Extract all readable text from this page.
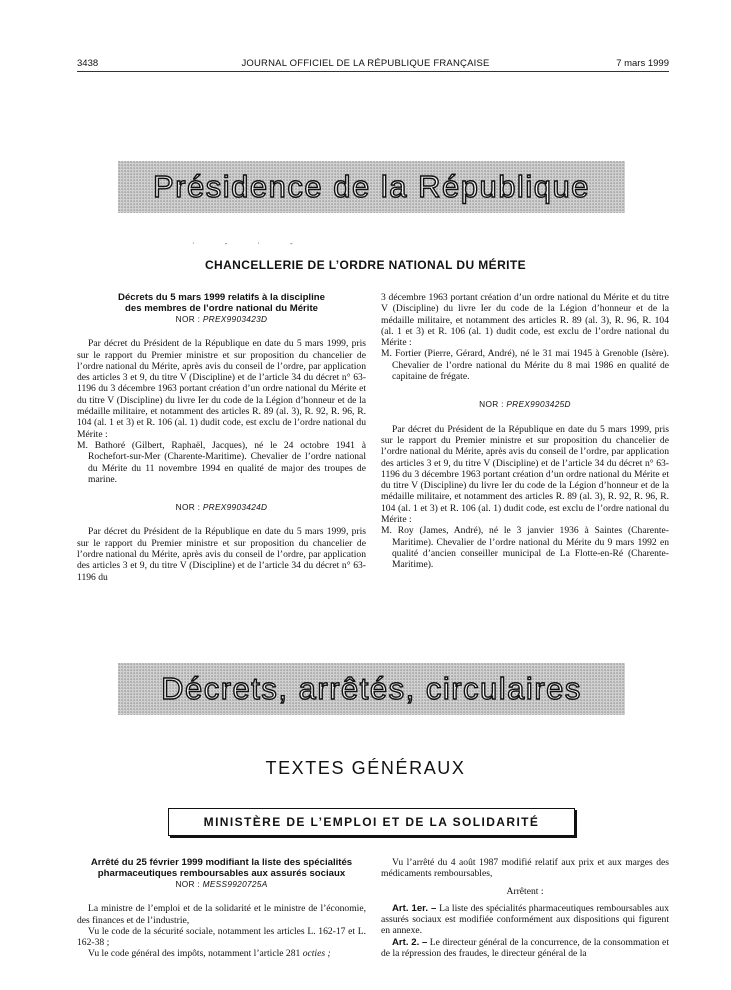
3438	JOURNAL OFFICIEL DE LA RÉPUBLIQUE FRANÇAISE	7 mars 1999
Présidence de la République
·-·-
CHANCELLERIE DE L’ORDRE NATIONAL DU MÉRITE

Décrets du 5 mars 1999 relatifs à la discipline

des membres de l’ordre national du Mérite

NOR : PREX9903423D

Par décret du Président de la République en date du 5 mars 1999, pris sur le rapport du Premier ministre et sur proposition du chancelier de l’ordre national du Mérite, après avis du conseil de l’ordre, par application des articles 3 et 9, du titre V (Discipline) et de l’article 34 du décret n° 63-1196 du 3 décembre 1963 portant création d’un ordre national du Mérite et du titre V (Discipline) du livre Ier du code de la Légion d’honneur et de la médaille militaire, et notamment des articles R. 89 (al. 3), R. 92, R. 96, R. 104 (al. 1 et 3) et R. 106 (al. 1) dudit code, est exclu de l’ordre national du Mérite :

M. Bathoré (Gilbert, Raphaël, Jacques), né le 24 octobre 1941 à Rochefort-sur-Mer (Charente-Maritime). Chevalier de l’ordre national du Mérite du 11 novembre 1994 en qualité de major des troupes de marine.

NOR : PREX9903424D

Par décret du Président de la République en date du 5 mars 1999, pris sur le rapport du Premier ministre et sur proposition du chancelier de l’ordre national du Mérite, après avis du conseil de l’ordre, par application des articles 3 et 9, du titre V (Discipline) et de l’article 34 du décret n° 63-1196 du

3 décembre 1963 portant création d’un ordre national du Mérite et du titre V (Discipline) du livre Ier du code de la Légion d’honneur et de la médaille militaire, et notamment des articles R. 89 (al. 3), R. 96, R. 104 (al. 1 et 3) et R. 106 (al. 1) dudit code, est exclu de l’ordre national du Mérite :

M. Fortier (Pierre, Gérard, André), né le 31 mai 1945 à Grenoble (Isère). Chevalier de l’ordre national du Mérite du 8 mai 1986 en qualité de capitaine de frégate.

NOR : PREX9903425D

Par décret du Président de la République en date du 5 mars 1999, pris sur le rapport du Premier ministre et sur proposition du chancelier de l’ordre national du Mérite, après avis du conseil de l’ordre, par application des articles 3 et 9, du titre V (Discipline) et de l’article 34 du décret n° 63-1196 du 3 décembre 1963 portant création d’un ordre national du Mérite et du titre V (Discipline) du livre Ier du code de la Légion d’honneur et de la médaille militaire, et notamment des articles R. 89 (al. 3), R. 92, R. 96, R. 104 (al. 1 et 3) et R. 106 (al. 1) dudit code, est exclu de l’ordre national du Mérite :

M. Roy (James, André), né le 3 janvier 1936 à Saintes (Charente-Maritime). Chevalier de l’ordre national du Mérite du 9 mars 1992 en qualité d’ancien conseiller municipal de La Flotte-en-Ré (Charente-Maritime).

Décrets, arrêtés, circulaires
TEXTES GÉNÉRAUX
MINISTÈRE DE L’EMPLOI ET DE LA SOLIDARITÉ

Arrêté du 25 février 1999 modifiant la liste des spécialités

pharmaceutiques remboursables aux assurés sociaux

NOR : MESS9920725A

La ministre de l’emploi et de la solidarité et le ministre de l’économie, des finances et de l’industrie,

Vu le code de la sécurité sociale, notamment les articles L. 162-17 et L. 162-38 ;

Vu le code général des impôts, notamment l’article 281 octies ;

Vu l’arrêté du 4 août 1987 modifié relatif aux prix et aux marges des médicaments remboursables,

Arrêtent :

Art. 1er. – La liste des spécialités pharmaceutiques remboursables aux assurés sociaux est modifiée conformément aux dispositions qui figurent en annexe.

Art. 2. – Le directeur général de la concurrence, de la consommation et de la répression des fraudes, le directeur général de la
